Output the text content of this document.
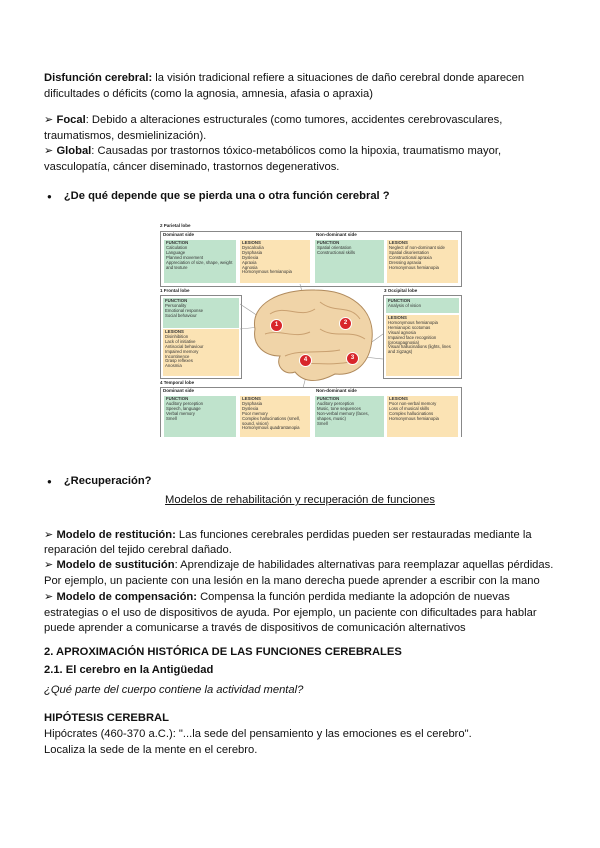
Disfunción cerebral: la visión tradicional refiere a situaciones de daño cerebral donde aparecen
dificultades o déficits (como la agnosia, amnesia, afasia o apraxia)
➢ Focal: Debido a alteraciones estructurales (como tumores, accidentes cerebrovasculares,
traumatismos, desmielinización).
➢ Global: Causadas por trastornos tóxico-metabólicos como la hipoxia, traumatismo mayor,
vasculopatía, cáncer diseminado, trastornos degenerativos.
● ¿De qué depende que se pierda una o otra función cerebral ?
2 Parietal lobe
Dominant side	Non-dominant side
FUNCTION
Calculation
Language
Planned movement
Appreciation of size, shape, weight and texture
LESIONS
Dyscalculia
Dysphasia
Dyslexia
Apraxia
Agnosia
Homonymous hemianopia
FUNCTION
Spatial orientation
Constructional skills
LESIONS
Neglect of non-dominant side
Spatial disorientation
Constructional apraxia
Dressing apraxia
Homonymous hemianopia
1 Frontal lobe
FUNCTION
Personality
Emotional response
Social behaviour
LESIONS
Disinhibition
Lack of initiative
Antisocial behaviour
Impaired memory
Incontinence
Grasp reflexes
Anosmia
3 Occipital lobe
FUNCTION
Analysis of vision
LESIONS
Homonymous hemianopia
Hemianopic scotomas
Visual agnosia
Impaired face recognition (prosopagnosia)
Visual hallucinations (lights, lines and zigzags)
1	2
3
4
4 Temporal lobe
Dominant side	Non-dominant side
FUNCTION
Auditory perception
Speech, language
Verbal memory
Smell
LESIONS
Dysphasia
Dyslexia
Poor memory
Complex hallucinations (smell, sound, vision)
Homonymous quadrantanopia
FUNCTION
Auditory perception
Music, tone sequences
Non-verbal memory (faces, shapes, music)
Smell
LESIONS
Poor non-verbal memory
Loss of musical skills
Complex hallucinations
Homonymous hemianopia
● ¿Recuperación?
Modelos de rehabilitación y recuperación de funciones
➢ Modelo de restitución: Las funciones cerebrales perdidas pueden ser restauradas mediante la
reparación del tejido cerebral dañado.
➢ Modelo de sustitución: Aprendizaje de habilidades alternativas para reemplazar aquellas pérdidas.
Por ejemplo, un paciente con una lesión en la mano derecha puede aprender a escribir con la mano
➢ Modelo de compensación: Compensa la función perdida mediante la adopción de nuevas
estrategias o el uso de dispositivos de ayuda. Por ejemplo, un paciente con dificultades para hablar
puede aprender a comunicarse a través de dispositivos de comunicación alternativos
2. APROXIMACIÓN HISTÓRICA DE LAS FUNCIONES CEREBRALES
2.1. El cerebro en la Antigüedad
¿Qué parte del cuerpo contiene la actividad mental?
HIPÓTESIS CEREBRAL
Hipócrates (460-370 a.C.): "...la sede del pensamiento y las emociones es el cerebro".
Localiza la sede de la mente en el cerebro.
